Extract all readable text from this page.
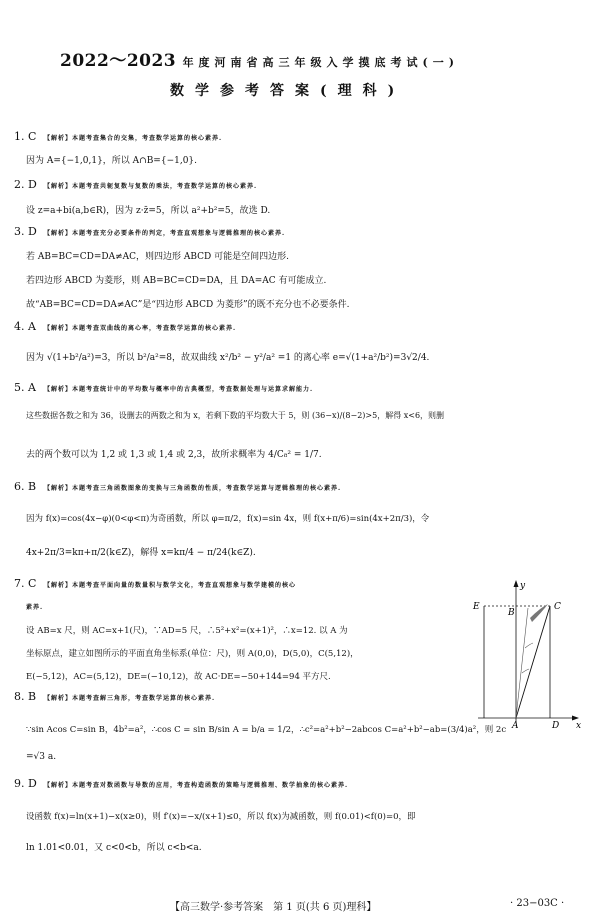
2022～2023 年度河南省高三年级入学摸底考试(一)
数学参考答案(理科)
1. C 【解析】本题考查集合的交集，考查数学运算的核心素养.
因为 A={−1,0,1}，所以 A∩B={−1,0}.
2. D 【解析】本题考查共轭复数与复数的乘法，考查数学运算的核心素养.
设 z=a+bi(a,b∈R)，因为 z·z̄=5，所以 a²+b²=5，故选 D.
3. D 【解析】本题考查充分必要条件的判定，考查直观想象与逻辑推理的核心素养.
若 AB=BC=CD=DA≠AC，则四边形 ABCD 可能是空间四边形.
若四边形 ABCD 为菱形，则 AB=BC=CD=DA，且 DA=AC 有可能成立.
故“AB=BC=CD=DA≠AC”是“四边形 ABCD 为菱形”的既不充分也不必要条件.
4. A 【解析】本题考查双曲线的离心率，考查数学运算的核心素养.
因为 √(1+b²/a²)=3，所以 b²/a²=8，故双曲线 x²/b² − y²/a² =1 的离心率 e=√(1+a²/b²)=3√2/4.
5. A 【解析】本题考查统计中的平均数与概率中的古典概型，考查数据处理与运算求解能力.
这些数据各数之和为 36，设删去的两数之和为 x，若剩下数的平均数大于 5，则 (36−x)/(8−2)>5，解得 x<6，则删
去的两个数可以为 1,2 或 1,3 或 1,4 或 2,3，故所求概率为 4/C₈² = 1/7.
6. B 【解析】本题考查三角函数图象的变换与三角函数的性质，考查数学运算与逻辑推理的核心素养.
因为 f(x)=cos(4x−φ)(0<φ<π)为奇函数，所以 φ=π/2，f(x)=sin 4x，则 f(x+π/6)=sin(4x+2π/3)，令
4x+2π/3=kπ+π/2(k∈Z)，解得 x=kπ/4 − π/24(k∈Z).
7. C 【解析】本题考查平面向量的数量积与数学文化，考查直观想象与数学建模的核心
素养.
设 AB=x 尺，则 AC=x+1(尺)，∵AD=5 尺，∴5²+x²=(x+1)²，∴x=12. 以 A 为
坐标原点，建立如图所示的平面直角坐标系(单位：尺)，则 A(0,0)，D(5,0)，C(5,12)，
E(−5,12)，AC=(5,12)，DE=(−10,12)，故 AC·DE=−50+144=94 平方尺.
y
x
E
B
C
A	D
8. B 【解析】本题考查解三角形，考查数学运算的核心素养.
∵sin Acos C=sin B，4b²=a²，∴cos C = sin B/sin A = b/a = 1/2，∴c²=a²+b²−2abcos C=a²+b²−ab=(3/4)a²，则 2c
=√3 a.
9. D 【解析】本题考查对数函数与导数的应用，考查构造函数的策略与逻辑推理、数学抽象的核心素养.
设函数 f(x)=ln(x+1)−x(x≥0)，则 f′(x)=−x/(x+1)≤0，所以 f(x)为减函数，则 f(0.01)<f(0)=0，即
ln 1.01<0.01，又 c<0<b，所以 c<b<a.
【高三数学·参考答案　第 1 页(共 6 页)理科】	· 23−03C ·
